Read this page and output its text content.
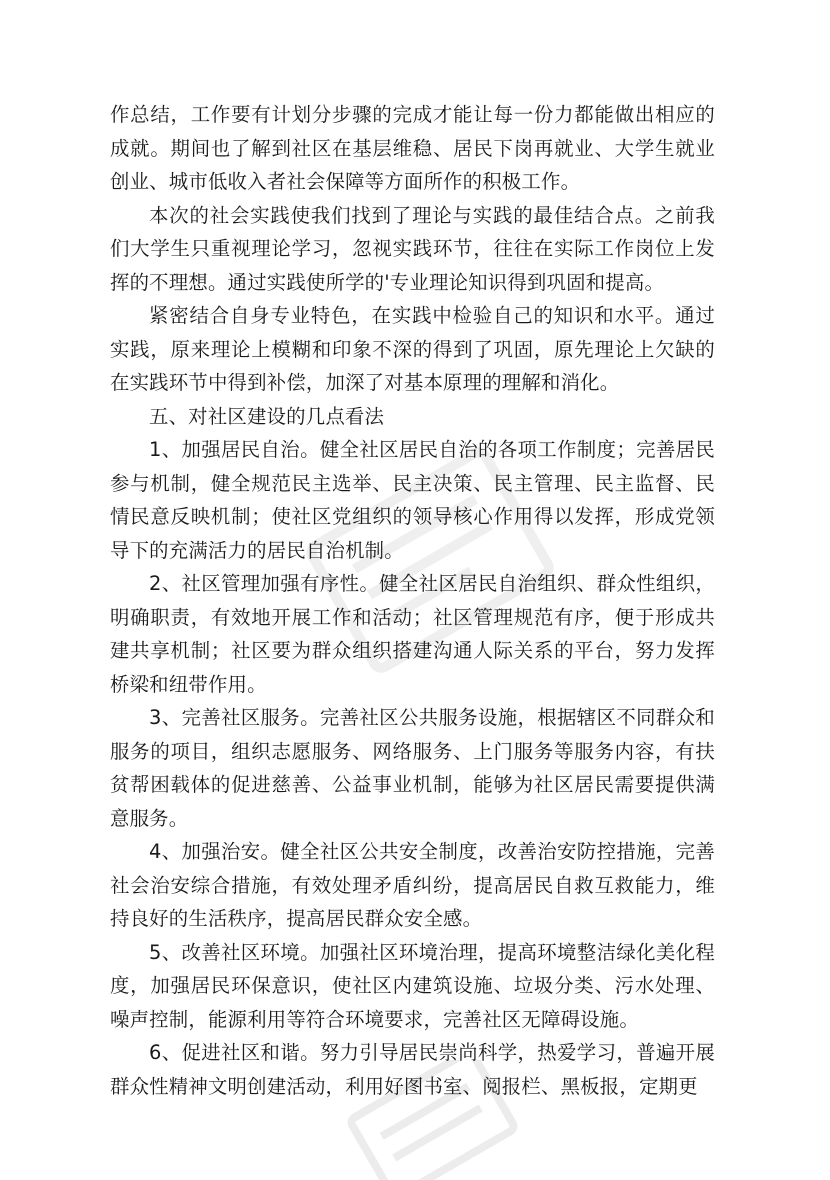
作总结，工作要有计划分步骤的完成才能让每一份力都能做出相应的成就。期间也了解到社区在基层维稳、居民下岗再就业、大学生就业创业、城市低收入者社会保障等方面所作的积极工作。

本次的社会实践使我们找到了理论与实践的最佳结合点。之前我们大学生只重视理论学习，忽视实践环节，往往在实际工作岗位上发挥的不理想。通过实践使所学的'专业理论知识得到巩固和提高。

紧密结合自身专业特色，在实践中检验自己的知识和水平。通过实践，原来理论上模糊和印象不深的得到了巩固，原先理论上欠缺的在实践环节中得到补偿，加深了对基本原理的理解和消化。

五、对社区建设的几点看法

1、加强居民自治。健全社区居民自治的各项工作制度；完善居民参与机制，健全规范民主选举、民主决策、民主管理、民主监督、民情民意反映机制；使社区党组织的领导核心作用得以发挥，形成党领导下的充满活力的居民自治机制。

2、社区管理加强有序性。健全社区居民自治组织、群众性组织，明确职责，有效地开展工作和活动；社区管理规范有序，便于形成共建共享机制；社区要为群众组织搭建沟通人际关系的平台，努力发挥桥梁和纽带作用。

3、完善社区服务。完善社区公共服务设施，根据辖区不同群众和服务的项目，组织志愿服务、网络服务、上门服务等服务内容，有扶贫帮困载体的促进慈善、公益事业机制，能够为社区居民需要提供满意服务。

4、加强治安。健全社区公共安全制度，改善治安防控措施，完善社会治安综合措施，有效处理矛盾纠纷，提高居民自救互救能力，维持良好的生活秩序，提高居民群众安全感。

5、改善社区环境。加强社区环境治理，提高环境整洁绿化美化程度，加强居民环保意识，使社区内建筑设施、垃圾分类、污水处理、噪声控制，能源利用等符合环境要求，完善社区无障碍设施。

6、促进社区和谐。努力引导居民崇尚科学，热爱学习，普遍开展群众性精神文明创建活动，利用好图书室、阅报栏、黑板报，定期更
